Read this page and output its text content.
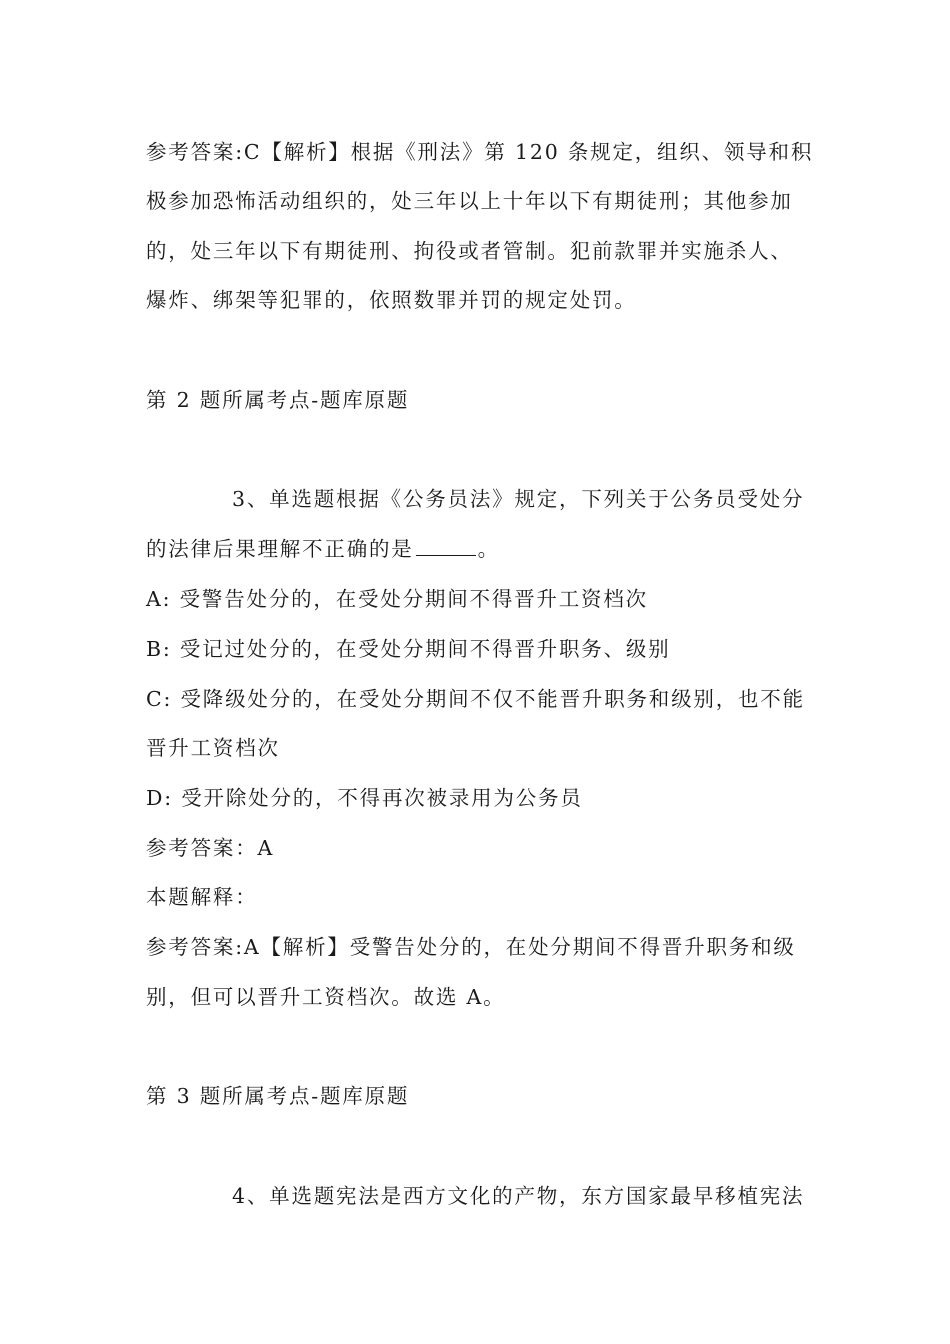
参考答案:C【解析】根据《刑法》第 120 条规定，组织、领导和积
极参加恐怖活动组织的，处三年以上十年以下有期徒刑；其他参加
的，处三年以下有期徒刑、拘役或者管制。犯前款罪并实施杀人、
爆炸、绑架等犯罪的，依照数罪并罚的规定处罚。
第 2 题所属考点-题库原题
3、单选题根据《公务员法》规定，下列关于公务员受处分
的法律后果理解不正确的是	。
A: 受警告处分的，在受处分期间不得晋升工资档次
B: 受记过处分的，在受处分期间不得晋升职务、级别
C: 受降级处分的，在受处分期间不仅不能晋升职务和级别，也不能
晋升工资档次
D: 受开除处分的，不得再次被录用为公务员
参考答案：A
本题解释：
参考答案:A【解析】受警告处分的，在处分期间不得晋升职务和级
别，但可以晋升工资档次。故选 A。
第 3 题所属考点-题库原题
4、单选题宪法是西方文化的产物，东方国家最早移植宪法
